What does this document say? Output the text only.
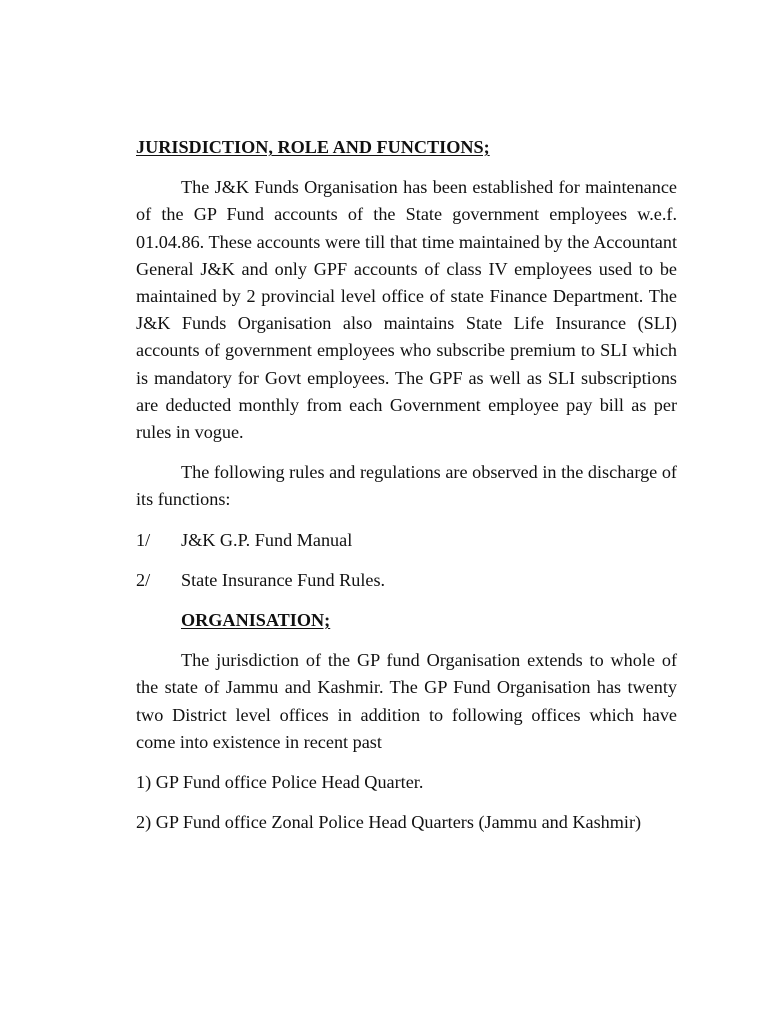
JURISDICTION, ROLE AND FUNCTIONS;

The J&K Funds Organisation has been established for maintenance of the GP Fund accounts of the State government employees w.e.f. 01.04.86. These accounts were till that time maintained by the Accountant General J&K and only GPF accounts of class IV employees used to be maintained by 2 provincial level office of state Finance Department. The J&K Funds Organisation also maintains State Life Insurance (SLI) accounts of government employees who subscribe premium to SLI which is mandatory for Govt employees. The GPF as well as SLI subscriptions are deducted monthly from each Government employee pay bill as per rules in vogue.

The following rules and regulations are observed in the discharge of its functions:

1/	J&K G.P. Fund Manual
2/	State Insurance Fund Rules.

ORGANISATION;

The jurisdiction of the GP fund Organisation extends to whole of the state of Jammu and Kashmir. The GP Fund Organisation has twenty two District level offices in addition to following offices which have come into existence in recent past

1) GP Fund office Police Head Quarter.

2) GP Fund office Zonal Police Head Quarters (Jammu and Kashmir)
